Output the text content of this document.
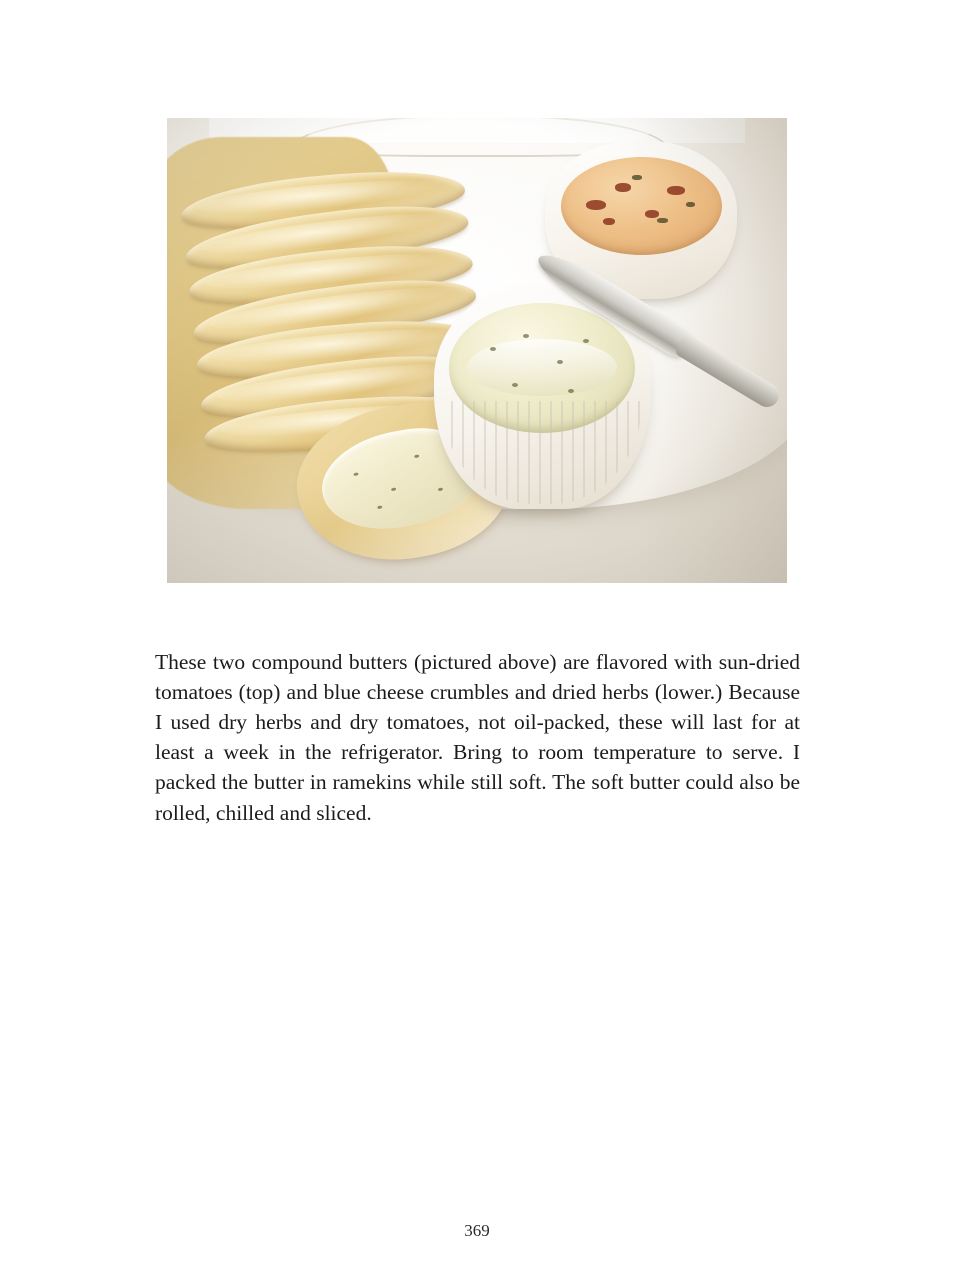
These two compound butters (pictured above) are flavored with sun-dried tomatoes (top) and blue cheese crumbles and dried herbs (lower.) Because I used dry herbs and dry tomatoes, not oil-packed, these will last for at least a week in the refrigerator. Bring to room temperature to serve. I packed the butter in ramekins while still soft. The soft butter could also be rolled, chilled and sliced.

369
